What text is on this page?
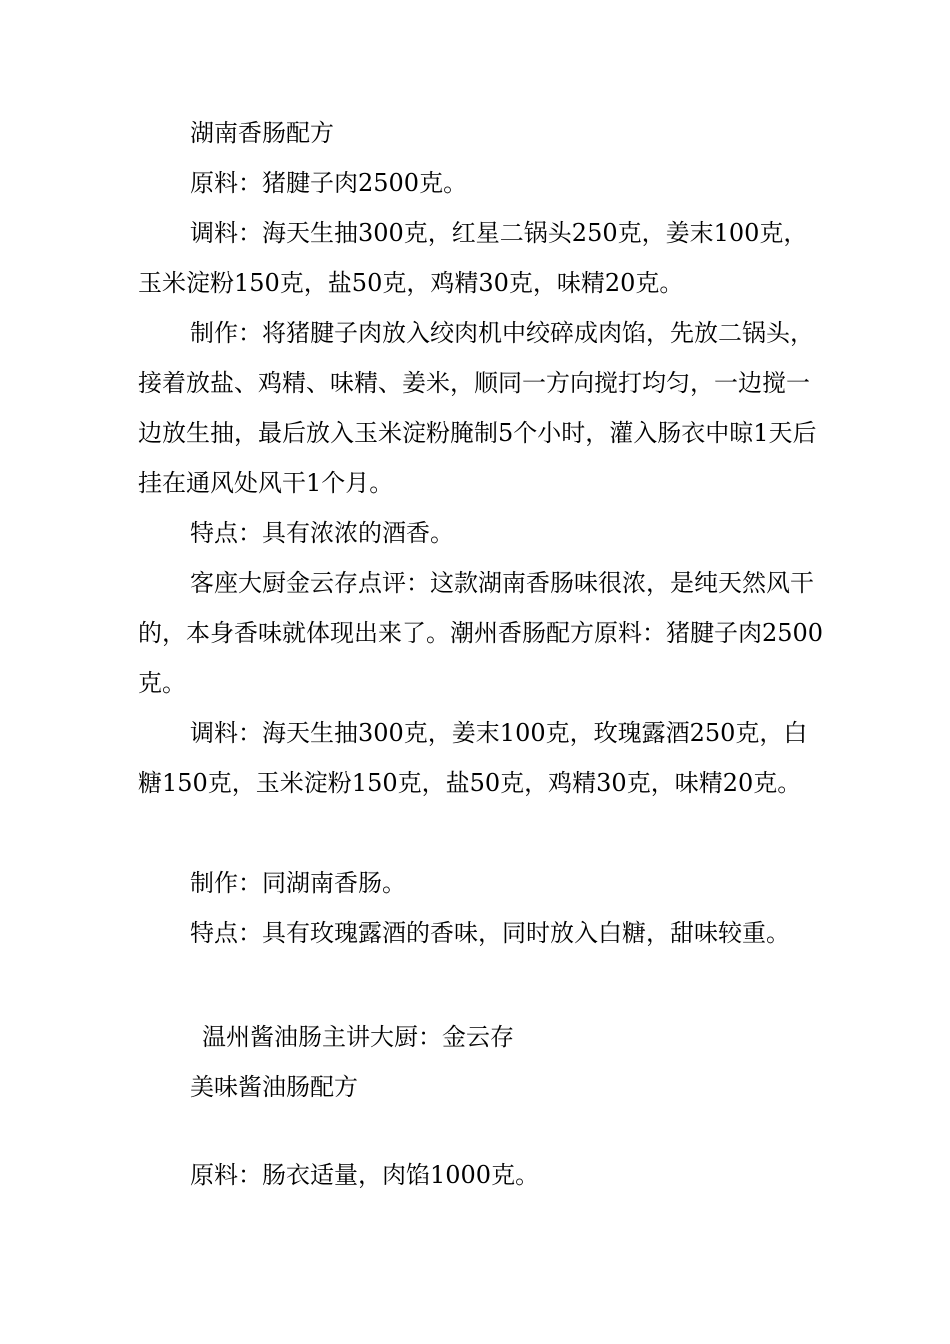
湖南香肠配方

原料：猪腱子肉2500克。

调料：海天生抽300克，红星二锅头250克，姜末100克，玉米淀粉150克，盐50克，鸡精30克，味精20克。

制作：将猪腱子肉放入绞肉机中绞碎成肉馅，先放二锅头，接着放盐、鸡精、味精、姜米，顺同一方向搅打均匀，一边搅一边放生抽，最后放入玉米淀粉腌制5个小时，灌入肠衣中晾1天后挂在通风处风干1个月。

特点：具有浓浓的酒香。

客座大厨金云存点评：这款湖南香肠味很浓，是纯天然风干的，本身香味就体现出来了。潮州香肠配方原料：猪腱子肉2500克。

调料：海天生抽300克，姜末100克，玫瑰露酒250克，白糖150克，玉米淀粉150克，盐50克，鸡精30克，味精20克。

制作：同湖南香肠。

特点：具有玫瑰露酒的香味，同时放入白糖，甜味较重。

温州酱油肠主讲大厨：金云存

美味酱油肠配方

原料：肠衣适量，肉馅1000克。
